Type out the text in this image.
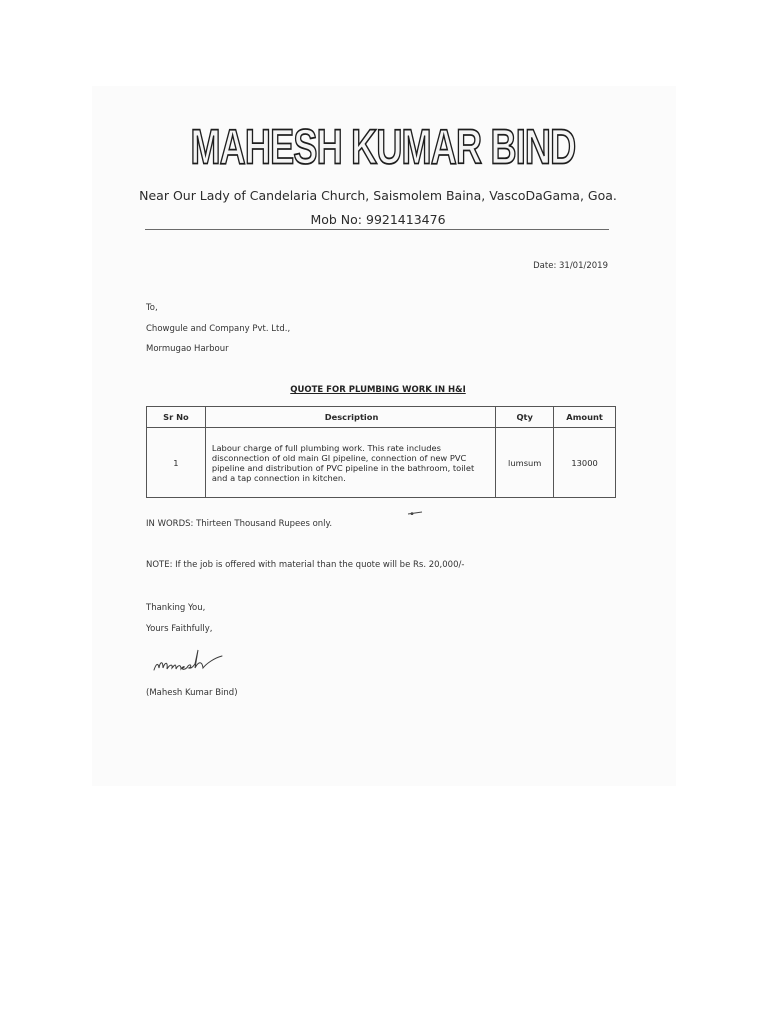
MAHESH KUMAR BIND
Near Our Lady of Candelaria Church, Saismolem Baina, VascoDaGama, Goa.
Mob No: 9921413476
Date: 31/01/2019
To,
Chowgule and Company Pvt. Ltd.,
Mormugao Harbour
QUOTE FOR PLUMBING WORK IN H&I
Sr No	Description	Qty	Amount
1	Labour charge of full plumbing work. This rate includes disconnection of old main GI pipeline, connection of new PVC pipeline and distribution of PVC pipeline in the bathroom, toilet and a tap connection in kitchen.	lumsum	13000
IN WORDS: Thirteen Thousand Rupees only.
NOTE: If the job is offered with material than the quote will be Rs. 20,000/-
Thanking You,
Yours Faithfully,
(Mahesh Kumar Bind)
